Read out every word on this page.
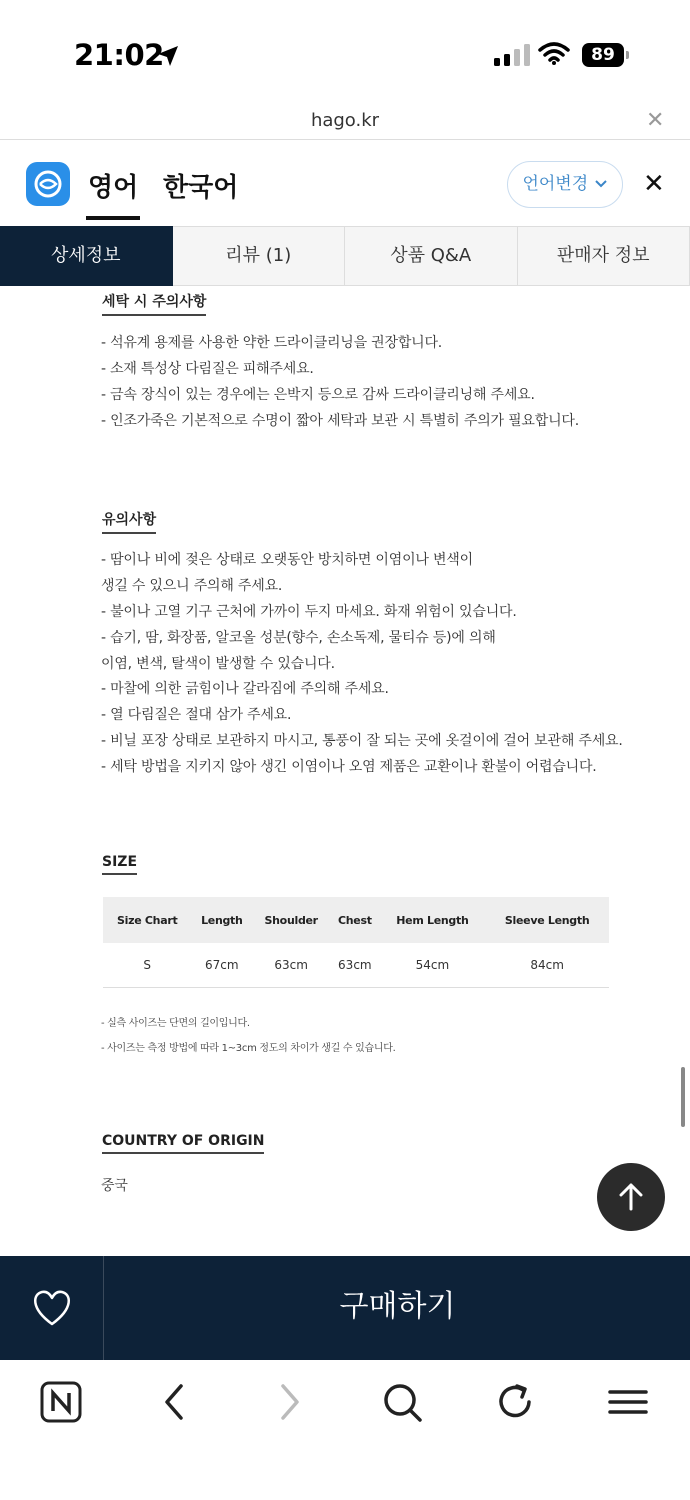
21:02	89
hago.kr	✕
영어 한국어	언어변경	✕
상세정보	리뷰 (1)	상품 Q&A	판매자 정보
세탁 시 주의사항
- 석유계 용제를 사용한 약한 드라이클리닝을 권장합니다.
- 소재 특성상 다림질은 피해주세요.
- 금속 장식이 있는 경우에는 은박지 등으로 감싸 드라이클리닝해 주세요.
- 인조가죽은 기본적으로 수명이 짧아 세탁과 보관 시 특별히 주의가 필요합니다.
유의사항
- 땀이나 비에 젖은 상태로 오랫동안 방치하면 이염이나 변색이
생길 수 있으니 주의해 주세요.
- 불이나 고열 기구 근처에 가까이 두지 마세요. 화재 위험이 있습니다.
- 습기, 땀, 화장품, 알코올 성분(향수, 손소독제, 물티슈 등)에 의해
이염, 변색, 탈색이 발생할 수 있습니다.
- 마찰에 의한 긁힘이나 갈라짐에 주의해 주세요.
- 열 다림질은 절대 삼가 주세요.
- 비닐 포장 상태로 보관하지 마시고, 통풍이 잘 되는 곳에 옷걸이에 걸어 보관해 주세요.
- 세탁 방법을 지키지 않아 생긴 이염이나 오염 제품은 교환이나 환불이 어렵습니다.
SIZE
Size Chart	Length	Shoulder	Chest	Hem Length	Sleeve Length
S	67cm	63cm	63cm	54cm	84cm
- 실측 사이즈는 단면의 길이입니다.
- 사이즈는 측정 방법에 따라 1~3cm 정도의 차이가 생길 수 있습니다.
COUNTRY OF ORIGIN
중국
구매하기
